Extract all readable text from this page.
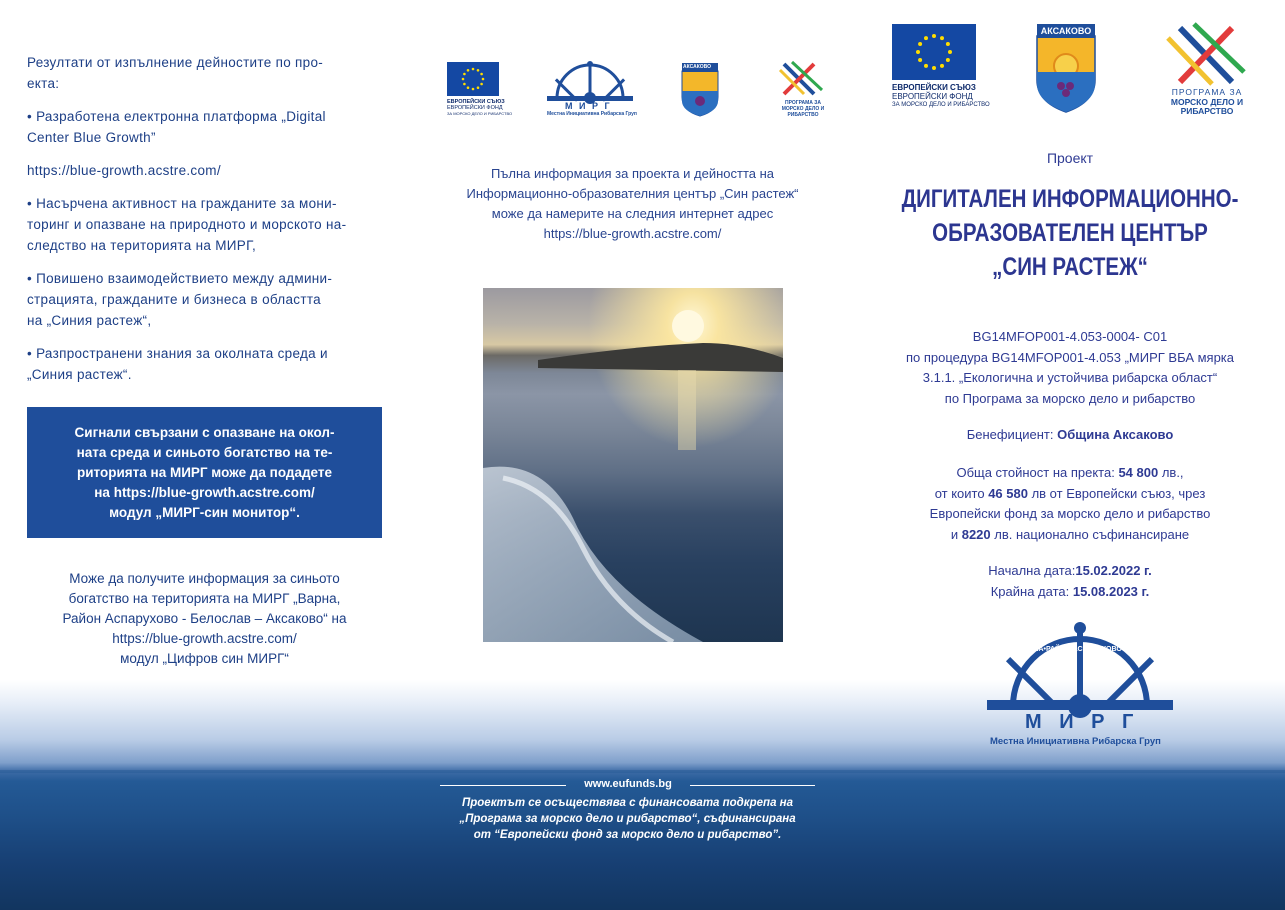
Резултати от изпълнение дейностите по про-

екта:

• Разработена електронна платформа „Digital

Center Blue Growth”

https://blue-growth.acstre.com/

• Насърчена активност на гражданите за мони-

торинг и опазване на природното и морското на-

следство на територията на МИРГ,

• Повишено взаимодействието между админи-

страцията, гражданите и бизнеса в областта

на „Синия растеж“,

• Разпространени знания за околната среда и

„Синия растеж“.

Сигнали свързани с опазване на окол-
ната среда и синьото богатство на те-
риторията на МИРГ може да подадете
на https://blue-growth.acstre.com/
модул „МИРГ-син монитор“.
Може да получите информация за синьото
богатство на територията на МИРГ „Варна,
Район Аспарухово - Белослав – Аксаково“ на
https://blue-growth.acstre.com/
модул „Цифров син МИРГ“
ЕВРОПЕЙСКИ СЪЮЗ
ЕВРОПЕЙСКИ ФОНД
ЗА МОРСКО ДЕЛО И РИБАРСТВО
М И Р Г
Местна Инициативна Рибарска Груп
АКСАКОВО
ПРОГРАМА ЗА
МОРСКО ДЕЛО И
РИБАРСТВО
Пълна информация за проекта и дейността на
Информационно-образователния център „Син растеж“
може да намерите на следния интернет адрес
https://blue-growth.acstre.com/
ЕВРОПЕЙСКИ СЪЮЗ
ЕВРОПЕЙСКИ ФОНД
ЗА МОРСКО ДЕЛО И РИБАРСТВО
АКСАКОВО
ПРОГРАМА ЗА
МОРСКО ДЕЛО И
РИБАРСТВО
Проект
ДИГИТАЛЕН ИНФОРМАЦИОННО-
ОБРАЗОВАТЕЛЕН ЦЕНТЪР
„СИН РАСТЕЖ“
BG14MFOP001-4.053-0004- C01
по процедура BG14MFOP001-4.053 „МИРГ ВБА мярка
3.1.1. „Екологична и устойчива рибарска област“
по Програма за морско дело и рибарство
Бенефициент: Община Аксаково
Обща стойност на пректа: 54 800 лв.,
от които 46 580 лв от Европейски съюз, чрез
Европейски фонд за морско дело и рибарство
и 8220 лв. национално съфинансиране
Начална дата:15.02.2022 г.
Крайна дата: 15.08.2023 г.
М И Р Г
Местна Инициативна Рибарска Груп
ВАРНА•РАЙОН АСПАРУХОВО•БЕЛОСЛАВ•АКСАКОВО
www.eufunds.bg
Проектът се осъществява с финансовата подкрепа на
„Програма за морско дело и рибарство“, съфинансирана
от “Европейски фонд за морско дело и рибарство”.
